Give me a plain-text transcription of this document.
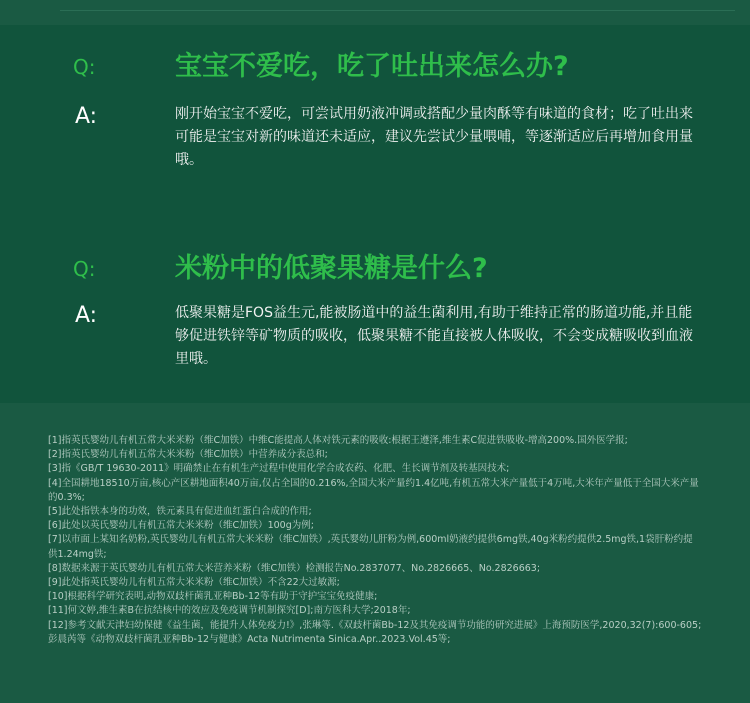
Q:	宝宝不爱吃，吃了吐出来怎么办?
A:	刚开始宝宝不爱吃，可尝试用奶液冲调或搭配少量肉酥等有味道的食材；吃了吐出来可能是宝宝对新的味道还未适应，建议先尝试少量喂哺，等逐渐适应后再增加食用量哦。
Q:	米粉中的低聚果糖是什么?
A:	低聚果糖是FOS益生元,能被肠道中的益生菌利用,有助于维持正常的肠道功能,并且能够促进铁锌等矿物质的吸收，低聚果糖不能直接被人体吸收，不会变成糖吸收到血液里哦。
[1]指英氏婴幼儿有机五常大米米粉（维C加铁）中维C能提高人体对铁元素的吸收:根据王遵泽,维生素C促进铁吸收-增高200%.国外医学报;
[2]指英氏婴幼儿有机五常大米米粉（维C加铁）中营养成分表总和;
[3]指《GB/T 19630-2011》明确禁止在有机生产过程中使用化学合成农药、化肥、生长调节剂及转基因技术;
[4]全国耕地18510万亩,核心产区耕地面积40万亩,仅占全国的0.216%,全国大米产量约1.4亿吨,有机五常大米产量低于4万吨,大米年产量低于全国大米产量的0.3%;
[5]此处指铁本身的功效，铁元素具有促进血红蛋白合成的作用;
[6]此处以英氏婴幼儿有机五常大米米粉（维C加铁）100g为例;
[7]以市面上某知名奶粉,英氏婴幼儿有机五常大米米粉（维C加铁）,英氏婴幼儿肝粉为例,600ml奶液约提供6mg铁,40g米粉约提供2.5mg铁,1袋肝粉约提供1.24mg铁;
[8]数据来源于英氏婴幼儿有机五常大米营养米粉（维C加铁）检测报告No.2837077、No.2826665、No.2826663;
[9]此处指英氏婴幼儿有机五常大米米粉（维C加铁）不含22大过敏源;
[10]根据科学研究表明,动物双歧杆菌乳亚种Bb-12等有助于守护宝宝免疫健康;
[11]何文婷,维生素B在抗结核中的效应及免疫调节机制探究[D];南方医科大学;2018年;
[12]参考文献天津妇幼保健《益生菌，能提升人体免疫力!》,张琳等.《双歧杆菌Bb-12及其免疫调节功能的研究进展》上海预防医学,2020,32(7):600-605;彭晨芮等《动物双歧杆菌乳亚种Bb-12与健康》Acta Nutrimenta Sinica.Apr..2023.Vol.45等;
